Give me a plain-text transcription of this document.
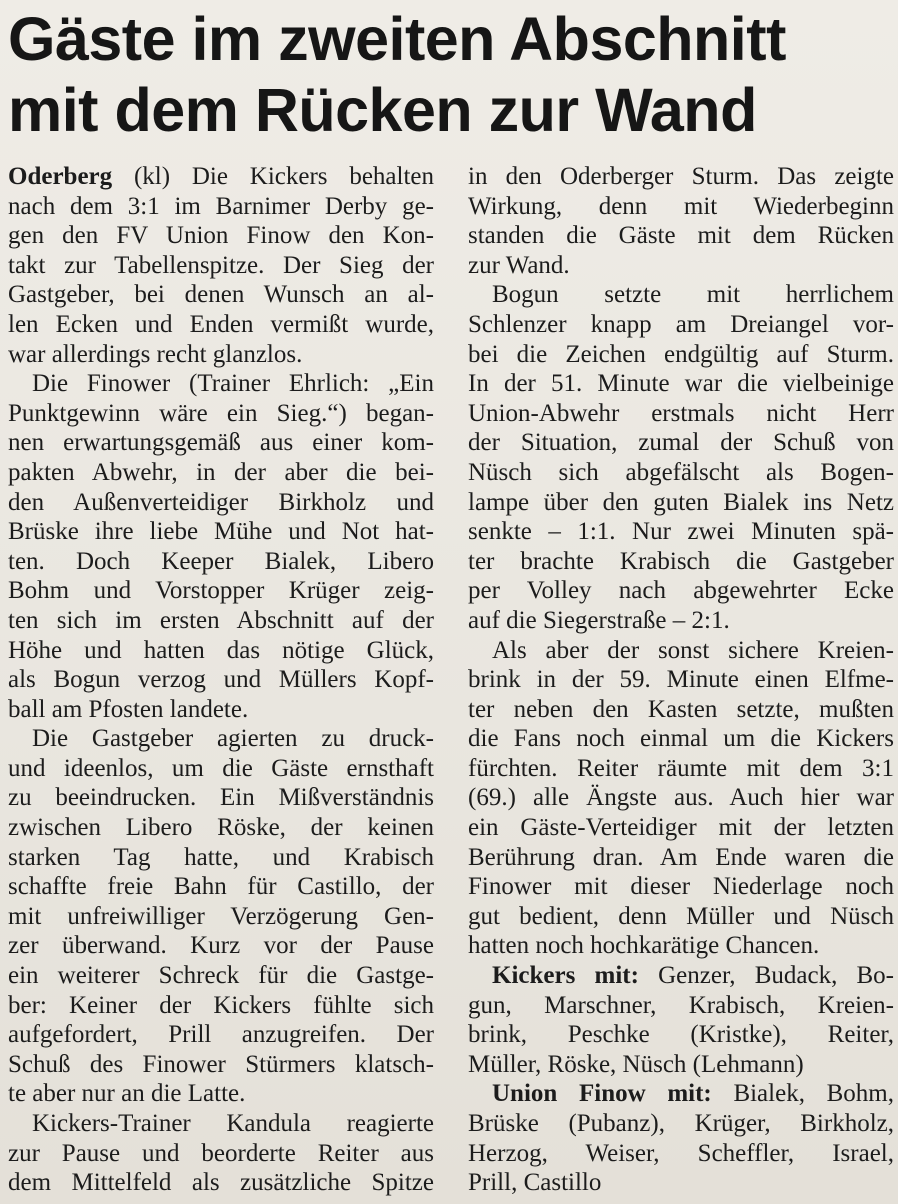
Gäste im zweiten Abschnitt
mit dem Rücken zur Wand
Oderberg (kl) Die Kickers behalten
nach dem 3:1 im Barnimer Derby ge-
gen den FV Union Finow den Kon-
takt zur Tabellenspitze. Der Sieg der
Gastgeber, bei denen Wunsch an al-
len Ecken und Enden vermißt wurde,
war allerdings recht glanzlos.
Die Finower (Trainer Ehrlich: „Ein
Punktgewinn wäre ein Sieg.“) began-
nen erwartungsgemäß aus einer kom-
pakten Abwehr, in der aber die bei-
den Außenverteidiger Birkholz und
Brüske ihre liebe Mühe und Not hat-
ten. Doch Keeper Bialek, Libero
Bohm und Vorstopper Krüger zeig-
ten sich im ersten Abschnitt auf der
Höhe und hatten das nötige Glück,
als Bogun verzog und Müllers Kopf-
ball am Pfosten landete.
Die Gastgeber agierten zu druck-
und ideenlos, um die Gäste ernsthaft
zu beeindrucken. Ein Mißverständnis
zwischen Libero Röske, der keinen
starken Tag hatte, und Krabisch
schaffte freie Bahn für Castillo, der
mit unfreiwilliger Verzögerung Gen-
zer überwand. Kurz vor der Pause
ein weiterer Schreck für die Gastge-
ber: Keiner der Kickers fühlte sich
aufgefordert, Prill anzugreifen. Der
Schuß des Finower Stürmers klatsch-
te aber nur an die Latte.
Kickers-Trainer Kandula reagierte
zur Pause und beorderte Reiter aus
dem Mittelfeld als zusätzliche Spitze
in den Oderberger Sturm. Das zeigte
Wirkung, denn mit Wiederbeginn
standen die Gäste mit dem Rücken
zur Wand.
Bogun setzte mit herrlichem
Schlenzer knapp am Dreiangel vor-
bei die Zeichen endgültig auf Sturm.
In der 51. Minute war die vielbeinige
Union-Abwehr erstmals nicht Herr
der Situation, zumal der Schuß von
Nüsch sich abgefälscht als Bogen-
lampe über den guten Bialek ins Netz
senkte – 1:1. Nur zwei Minuten spä-
ter brachte Krabisch die Gastgeber
per Volley nach abgewehrter Ecke
auf die Siegerstraße – 2:1.
Als aber der sonst sichere Kreien-
brink in der 59. Minute einen Elfme-
ter neben den Kasten setzte, mußten
die Fans noch einmal um die Kickers
fürchten. Reiter räumte mit dem 3:1
(69.) alle Ängste aus. Auch hier war
ein Gäste-Verteidiger mit der letzten
Berührung dran. Am Ende waren die
Finower mit dieser Niederlage noch
gut bedient, denn Müller und Nüsch
hatten noch hochkarätige Chancen.
Kickers mit: Genzer, Budack, Bo-
gun, Marschner, Krabisch, Kreien-
brink, Peschke (Kristke), Reiter,
Müller, Röske, Nüsch (Lehmann)
Union Finow mit: Bialek, Bohm,
Brüske (Pubanz), Krüger, Birkholz,
Herzog, Weiser, Scheffler, Israel,
Prill, Castillo
